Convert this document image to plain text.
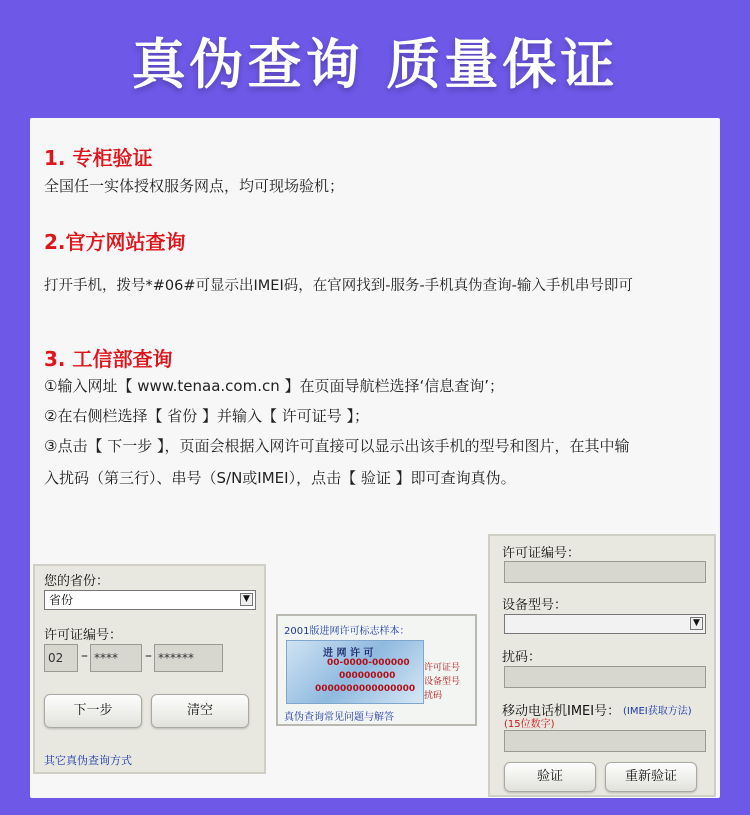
真伪查询 质量保证
1. 专柜验证
全国任一实体授权服务网点，均可现场验机；
2.官方网站查询
打开手机，拨号*#06#可显示出IMEI码，在官网找到-服务-手机真伪查询-输入手机串号即可
3. 工信部查询
①输入网址【 www.tenaa.com.cn 】在页面导航栏选择‘信息查询’；
②在右侧栏选择【 省份 】并输入【 许可证号 】；
③点击【 下一步 】，页面会根据入网许可直接可以显示出该手机的型号和图片，在其中输
入扰码（第三行）、串号（S/N或IMEI），点击【 验证 】即可查询真伪。
您的省份：
省份	▼
许可证编号：
02	– ****	– ******
下一步	清空
其它真伪查询方式
2001版进网许可标志样本：
进 网 许 可
00-0000-000000
000000000
0000000000000000
许可证号
设备型号
扰码
真伪查询常见问题与解答
许可证编号：
设备型号：
▼
扰码：
移动电话机IMEI号： (IMEI获取方法)
(15位数字)
验证	重新验证
